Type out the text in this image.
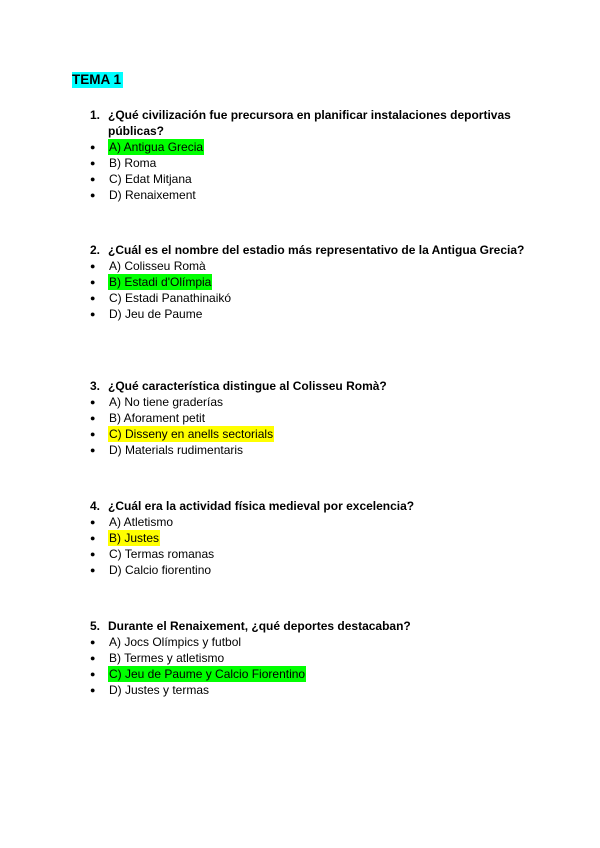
TEMA 1
1. ¿Qué civilización fue precursora en planificar instalaciones deportivas públicas?
●	A) Antigua Grecia
●	B) Roma
●	C) Edat Mitjana
●	D) Renaixement
2. ¿Cuál es el nombre del estadio más representativo de la Antigua Grecia?
●	A) Colisseu Romà
●	B) Estadi d'Olímpia
●	C) Estadi Panathinaikó
●	D) Jeu de Paume
3. ¿Qué característica distingue al Colisseu Romà?
●	A) No tiene graderías
●	B) Aforament petit
●	C) Disseny en anells sectorials
●	D) Materials rudimentaris
4. ¿Cuál era la actividad física medieval por excelencia?
●	A) Atletismo
●	B) Justes
●	C) Termas romanas
●	D) Calcio fiorentino
5. Durante el Renaixement, ¿qué deportes destacaban?
●	A) Jocs Olímpics y futbol
●	B) Termes y atletismo
●	C) Jeu de Paume y Calcio Fiorentino
●	D) Justes y termas
